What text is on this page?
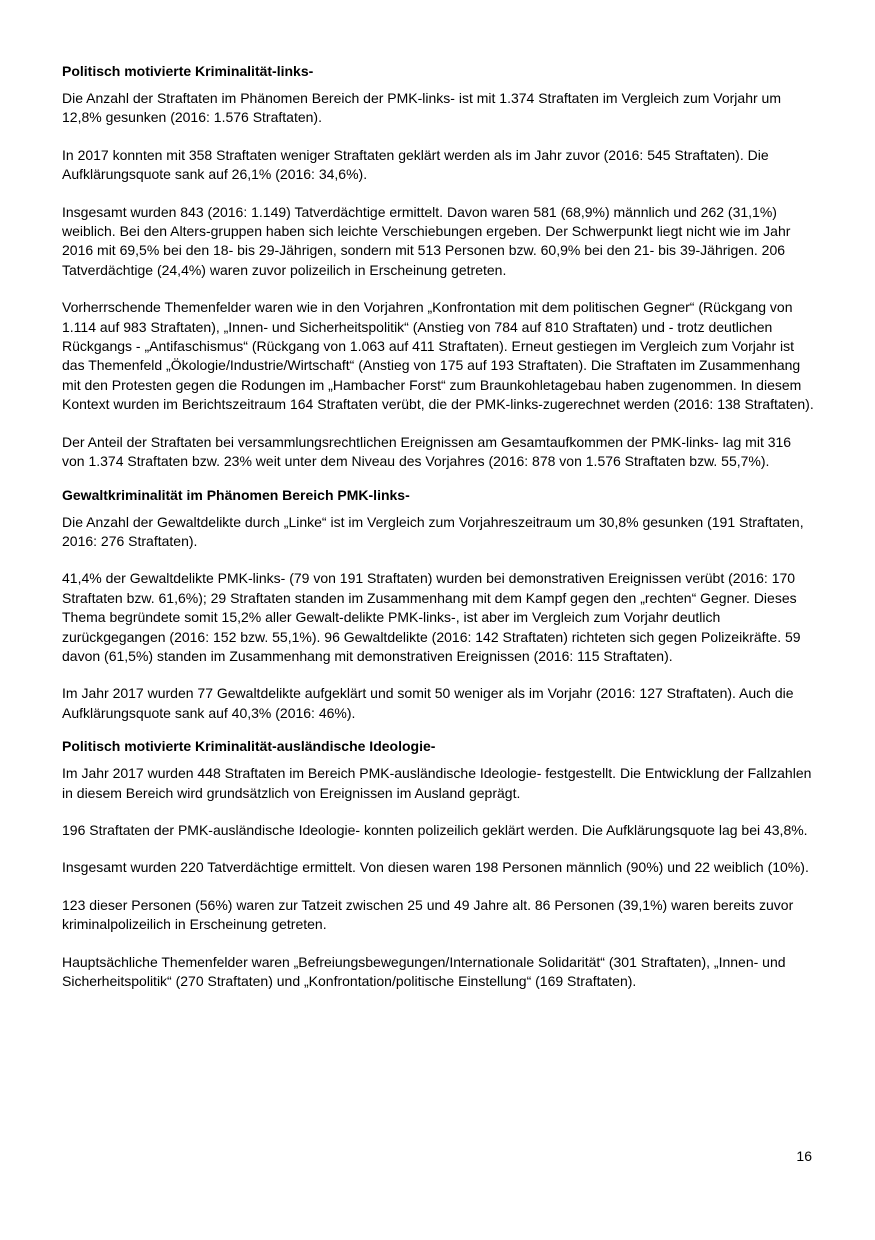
Politisch motivierte Kriminalität-links-
Die Anzahl der Straftaten im Phänomen Bereich der PMK-links- ist mit 1.374 Straftaten im Vergleich zum Vorjahr um 12,8% gesunken (2016: 1.576 Straftaten).
In 2017 konnten mit 358 Straftaten weniger Straftaten geklärt werden als im Jahr zuvor (2016: 545 Straftaten). Die Aufklärungsquote sank auf 26,1% (2016: 34,6%).
Insgesamt wurden 843 (2016: 1.149) Tatverdächtige ermittelt. Davon waren 581 (68,9%) männlich und 262 (31,1%) weiblich. Bei den Alters-gruppen haben sich leichte Verschiebungen ergeben. Der Schwerpunkt liegt nicht wie im Jahr 2016 mit 69,5% bei den 18- bis 29-Jährigen, sondern mit 513 Personen bzw. 60,9% bei den 21- bis 39-Jährigen. 206 Tatverdächtige (24,4%) waren zuvor polizeilich in Erscheinung getreten.
Vorherrschende Themenfelder waren wie in den Vorjahren „Konfrontation mit dem politischen Gegner“ (Rückgang von 1.114 auf 983 Straftaten), „Innen- und Sicherheitspolitik“ (Anstieg von 784 auf 810 Straftaten) und - trotz deutlichen Rückgangs - „Antifaschismus“ (Rückgang von 1.063 auf 411 Straftaten). Erneut gestiegen im Vergleich zum Vorjahr ist das Themenfeld „Ökologie/Industrie/Wirtschaft“ (Anstieg von 175 auf 193 Straftaten). Die Straftaten im Zusammenhang mit den Protesten gegen die Rodungen im „Hambacher Forst“ zum Braunkohletagebau haben zugenommen. In diesem Kontext wurden im Berichtszeitraum 164 Straftaten verübt, die der PMK-links-zugerechnet werden (2016: 138 Straftaten).
Der Anteil der Straftaten bei versammlungsrechtlichen Ereignissen am Gesamtaufkommen der PMK-links- lag mit 316 von 1.374 Straftaten bzw. 23% weit unter dem Niveau des Vorjahres (2016: 878 von 1.576 Straftaten bzw. 55,7%).
Gewaltkriminalität im Phänomen Bereich PMK-links-
Die Anzahl der Gewaltdelikte durch „Linke“ ist im Vergleich zum Vorjahreszeitraum um 30,8% gesunken (191 Straftaten, 2016: 276 Straftaten).
41,4% der Gewaltdelikte PMK-links- (79 von 191 Straftaten) wurden bei demonstrativen Ereignissen verübt (2016: 170 Straftaten bzw. 61,6%); 29 Straftaten standen im Zusammenhang mit dem Kampf gegen den „rechten“ Gegner. Dieses Thema begründete somit 15,2% aller Gewalt-delikte PMK-links-, ist aber im Vergleich zum Vorjahr deutlich zurückgegangen (2016: 152 bzw. 55,1%). 96 Gewaltdelikte (2016: 142 Straftaten) richteten sich gegen Polizeikräfte. 59 davon (61,5%) standen im Zusammenhang mit demonstrativen Ereignissen (2016: 115 Straftaten).
Im Jahr 2017 wurden 77 Gewaltdelikte aufgeklärt und somit 50 weniger als im Vorjahr (2016: 127 Straftaten). Auch die Aufklärungsquote sank auf 40,3% (2016: 46%).
Politisch motivierte Kriminalität-ausländische Ideologie-
Im Jahr 2017 wurden 448 Straftaten im Bereich PMK-ausländische Ideologie- festgestellt. Die Entwicklung der Fallzahlen in diesem Bereich wird grundsätzlich von Ereignissen im Ausland geprägt.
196 Straftaten der PMK-ausländische Ideologie- konnten polizeilich geklärt werden. Die Aufklärungsquote lag bei 43,8%.
Insgesamt wurden 220 Tatverdächtige ermittelt. Von diesen waren 198 Personen männlich (90%) und 22 weiblich (10%).
123 dieser Personen (56%) waren zur Tatzeit zwischen 25 und 49 Jahre alt. 86 Personen (39,1%) waren bereits zuvor kriminalpolizeilich in Erscheinung getreten.
Hauptsächliche Themenfelder waren „Befreiungsbewegungen/Internationale Solidarität“ (301 Straftaten), „Innen- und Sicherheitspolitik“ (270 Straftaten) und „Konfrontation/politische Einstellung“ (169 Straftaten).
16
